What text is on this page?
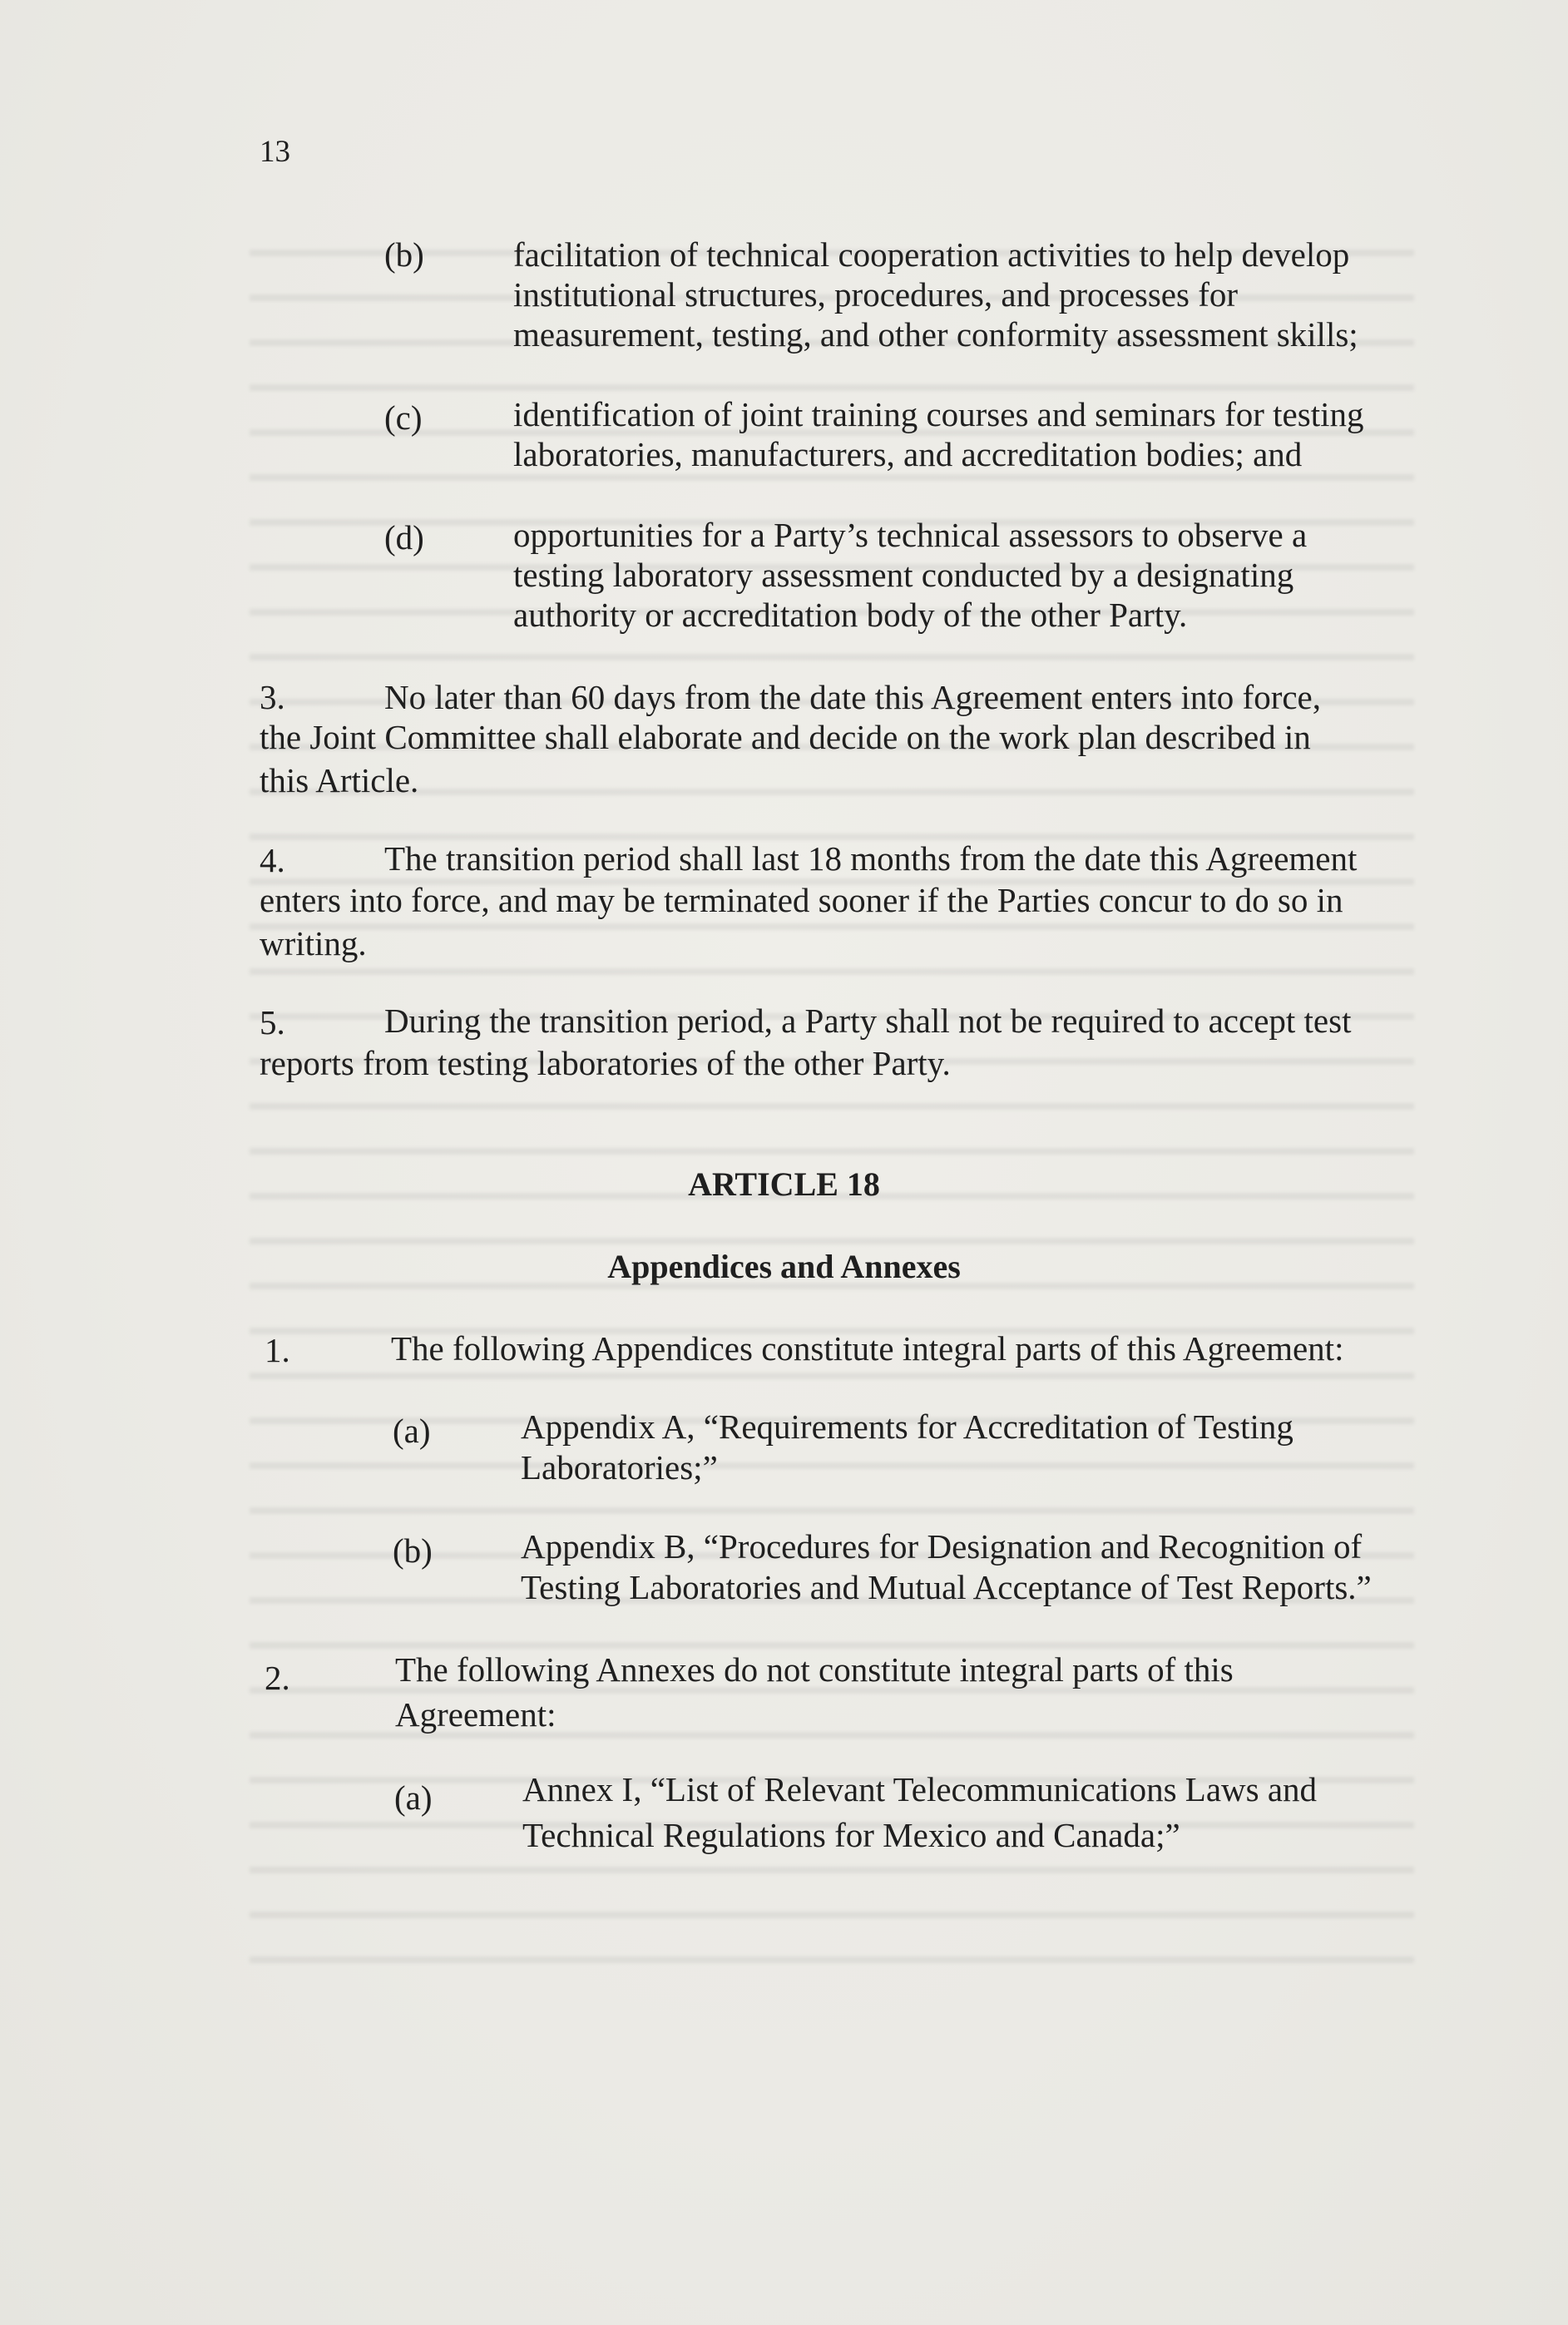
13
(b)	facilitation of technical cooperation activities to help develop
institutional structures, procedures, and processes for
measurement, testing, and other conformity assessment skills;
(c)	identification of joint training courses and seminars for testing
laboratories, manufacturers, and accreditation bodies; and
(d)	opportunities for a Party’s technical assessors to observe a
testing laboratory assessment conducted by a designating
authority or accreditation body of the other Party.
3.	No later than 60 days from the date this Agreement enters into force,
the Joint Committee shall elaborate and decide on the work plan described in
this Article.
4.	The transition period shall last 18 months from the date this Agreement
enters into force, and may be terminated sooner if the Parties concur to do so in
writing.
5.	During the transition period, a Party shall not be required to accept test
reports from testing laboratories of the other Party.
ARTICLE 18
Appendices and Annexes
1.	The following Appendices constitute integral parts of this Agreement:
(a)	Appendix A, “Requirements for Accreditation of Testing
Laboratories;”
(b)	Appendix B, “Procedures for Designation and Recognition of
Testing Laboratories and Mutual Acceptance of Test Reports.”
2.	The following Annexes do not constitute integral parts of this
Agreement:
(a)	Annex I, “List of Relevant Telecommunications Laws and
Technical Regulations for Mexico and Canada;”
